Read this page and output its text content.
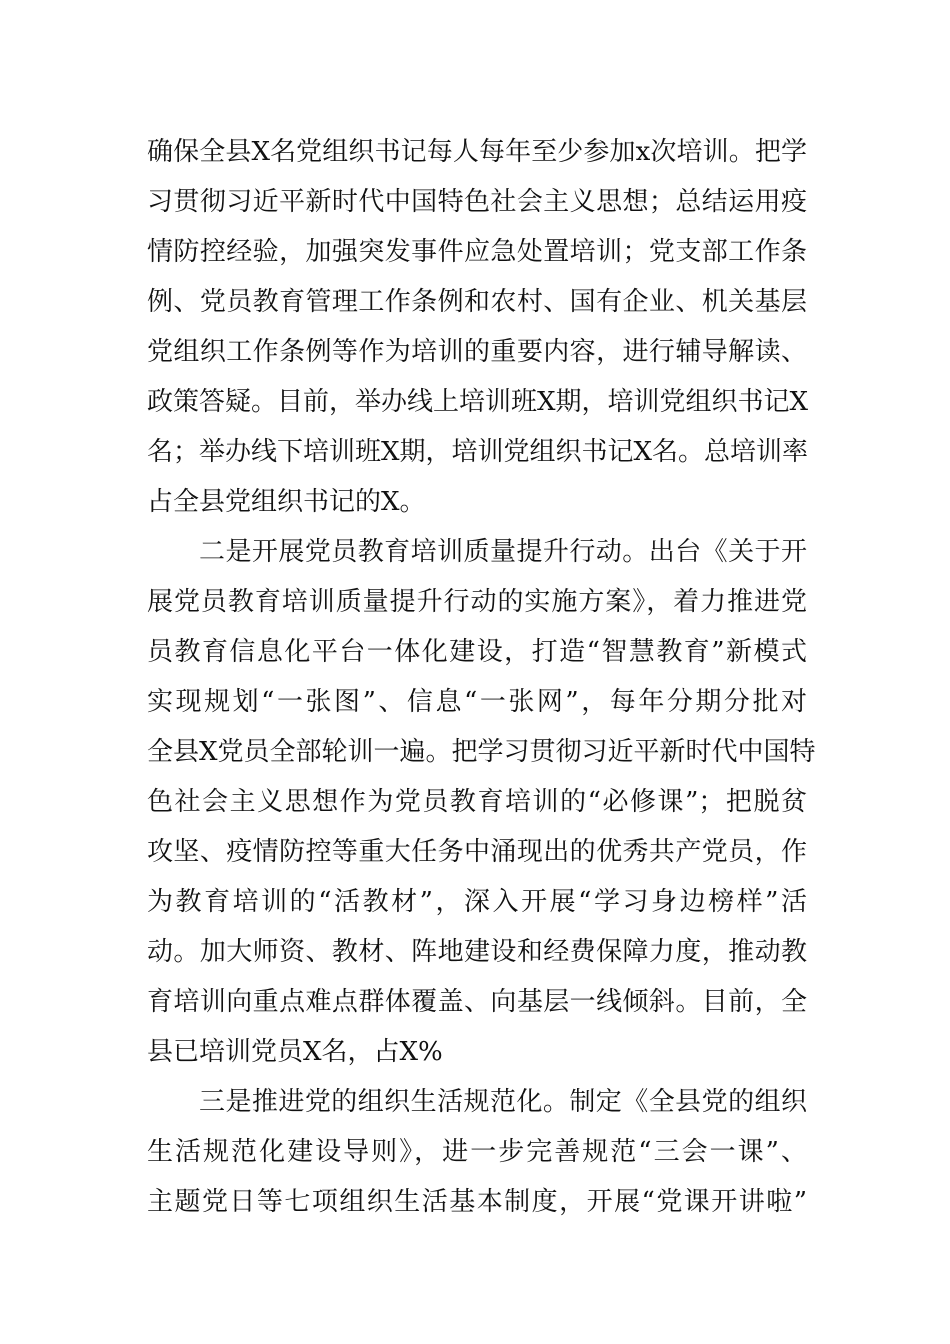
确保全县X名党组织书记每人每年至少参加x次培训。把学
习贯彻习近平新时代中国特色社会主义思想；总结运用疫
情防控经验，加强突发事件应急处置培训；党支部工作条
例、党员教育管理工作条例和农村、国有企业、机关基层
党组织工作条例等作为培训的重要内容，进行辅导解读、
政策答疑。目前，举办线上培训班X期，培训党组织书记X
名；举办线下培训班X期，培训党组织书记X名。总培训率
占全县党组织书记的X。
二是开展党员教育培训质量提升行动。出台《关于开
展党员教育培训质量提升行动的实施方案》，着力推进党
员教育信息化平台一体化建设，打造“智慧教育”新模式
实现规划“一张图”、信息“一张网”，每年分期分批对
全县X党员全部轮训一遍。把学习贯彻习近平新时代中国特
色社会主义思想作为党员教育培训的“必修课”；把脱贫
攻坚、疫情防控等重大任务中涌现出的优秀共产党员，作
为教育培训的“活教材”，深入开展“学习身边榜样”活
动。加大师资、教材、阵地建设和经费保障力度，推动教
育培训向重点难点群体覆盖、向基层一线倾斜。目前，全
县已培训党员X名，占X%
三是推进党的组织生活规范化。制定《全县党的组织
生活规范化建设导则》，进一步完善规范“三会一课”、
主题党日等七项组织生活基本制度，开展“党课开讲啦”
